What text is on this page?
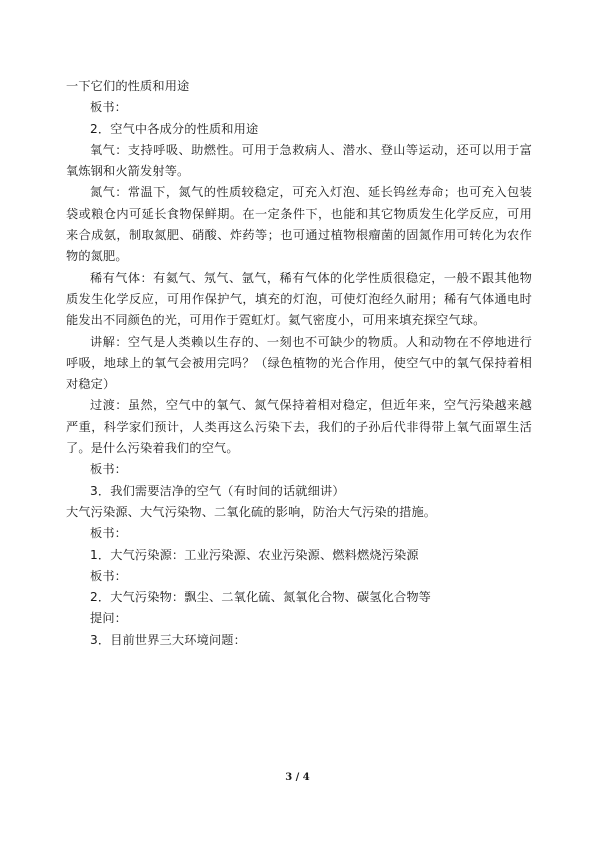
一下它们的性质和用途

板书：

2．空气中各成分的性质和用途

氧气：支持呼吸、助燃性。可用于急救病人、潜水、登山等运动，还可以用于富氧炼钢和火箭发射等。

氮气：常温下，氮气的性质较稳定，可充入灯泡、延长钨丝寿命；也可充入包装袋或粮仓内可延长食物保鲜期。在一定条件下，也能和其它物质发生化学反应，可用来合成氨，制取氮肥、硝酸、炸药等；也可通过植物根瘤菌的固氮作用可转化为农作物的氮肥。

稀有气体：有氦气、氖气、氩气，稀有气体的化学性质很稳定，一般不跟其他物质发生化学反应，可用作保护气，填充的灯泡，可使灯泡经久耐用；稀有气体通电时能发出不同颜色的光，可用作于霓虹灯。氦气密度小，可用来填充探空气球。

讲解：空气是人类赖以生存的、一刻也不可缺少的物质。人和动物在不停地进行呼吸，地球上的氧气会被用完吗？（绿色植物的光合作用，使空气中的氧气保持着相对稳定）

过渡：虽然，空气中的氧气、氮气保持着相对稳定，但近年来，空气污染越来越严重，科学家们预计，人类再这么污染下去，我们的子孙后代非得带上氧气面罩生活了。是什么污染着我们的空气。

板书：

3．我们需要洁净的空气（有时间的话就细讲）

大气污染源、大气污染物、二氧化硫的影响，防治大气污染的措施。

板书：

1．大气污染源：工业污染源、农业污染源、燃料燃烧污染源

板书：

2．大气污染物：飘尘、二氧化硫、氮氧化合物、碳氢化合物等

提问：

3．目前世界三大环境问题：

3 / 4
